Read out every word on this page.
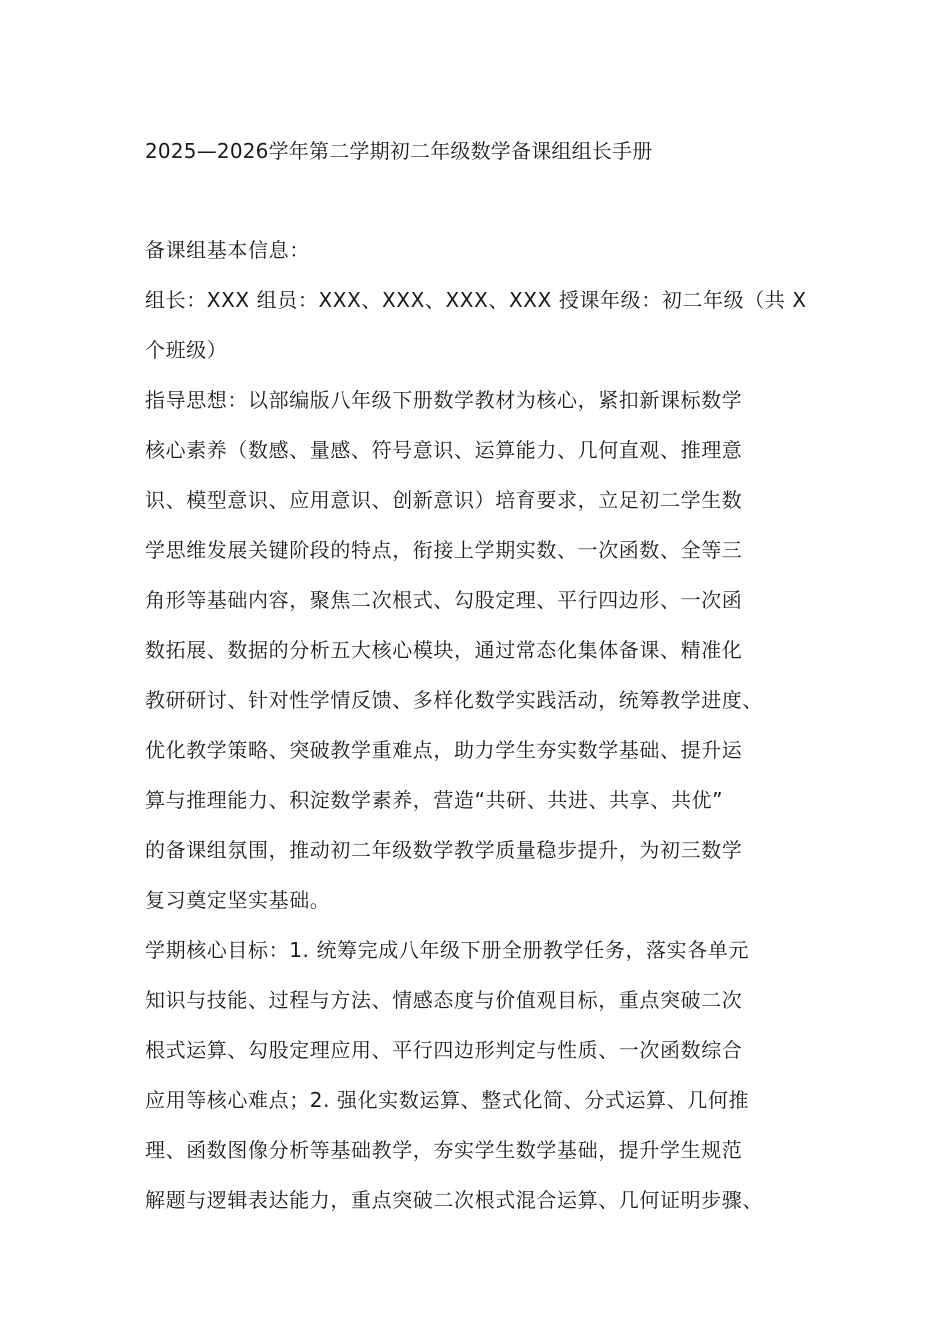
2025—2026学年第二学期初二年级数学备课组组长手册
备课组基本信息：
组长：XXX 组员：XXX、XXX、XXX、XXX 授课年级：初二年级（共 X
个班级）
指导思想：以部编版八年级下册数学教材为核心，紧扣新课标数学
核心素养（数感、量感、符号意识、运算能力、几何直观、推理意
识、模型意识、应用意识、创新意识）培育要求，立足初二学生数
学思维发展关键阶段的特点，衔接上学期实数、一次函数、全等三
角形等基础内容，聚焦二次根式、勾股定理、平行四边形、一次函
数拓展、数据的分析五大核心模块，通过常态化集体备课、精准化
教研研讨、针对性学情反馈、多样化数学实践活动，统筹教学进度、
优化教学策略、突破教学重难点，助力学生夯实数学基础、提升运
算与推理能力、积淀数学素养，营造“共研、共进、共享、共优”
的备课组氛围，推动初二年级数学教学质量稳步提升，为初三数学
复习奠定坚实基础。
学期核心目标：1. 统筹完成八年级下册全册教学任务，落实各单元
知识与技能、过程与方法、情感态度与价值观目标，重点突破二次
根式运算、勾股定理应用、平行四边形判定与性质、一次函数综合
应用等核心难点；2. 强化实数运算、整式化简、分式运算、几何推
理、函数图像分析等基础教学，夯实学生数学基础，提升学生规范
解题与逻辑表达能力，重点突破二次根式混合运算、几何证明步骤、
